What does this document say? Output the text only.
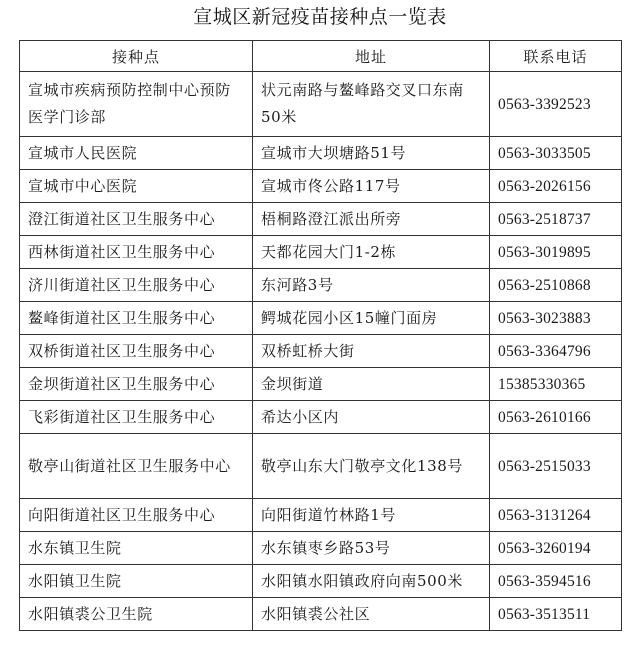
宣城区新冠疫苗接种点一览表
接种点	地址	联系电话
宣城市疾病预防控制中心预防医学门诊部	状元南路与鳌峰路交叉口东南50米	0563-3392523
宣城市人民医院	宣城市大坝塘路51号	0563-3033505
宣城市中心医院	宣城市佟公路117号	0563-2026156
澄江街道社区卫生服务中心	梧桐路澄江派出所旁	0563-2518737
西林街道社区卫生服务中心	天都花园大门1-2栋	0563-3019895
济川街道社区卫生服务中心	东河路3号	0563-2510868
鳌峰街道社区卫生服务中心	鳄城花园小区15幢门面房	0563-3023883
双桥街道社区卫生服务中心	双桥虹桥大街	0563-3364796
金坝街道社区卫生服务中心	金坝街道	15385330365
飞彩街道社区卫生服务中心	希达小区内	0563-2610166
敬亭山街道社区卫生服务中心	敬亭山东大门敬亭文化138号	0563-2515033
向阳街道社区卫生服务中心	向阳街道竹林路1号	0563-3131264
水东镇卫生院	水东镇枣乡路53号	0563-3260194
水阳镇卫生院	水阳镇水阳镇政府向南500米	0563-3594516
水阳镇裘公卫生院	水阳镇裘公社区	0563-3513511
